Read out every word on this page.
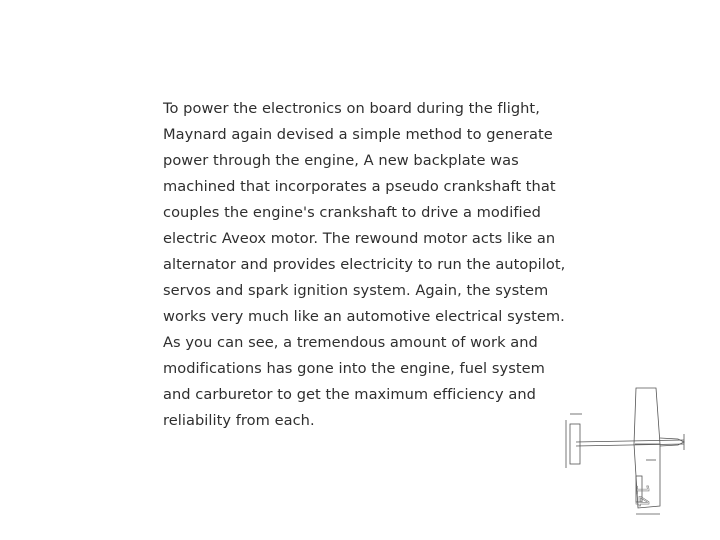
To power the electronics on board during the flight,
Maynard again devised a simple method to generate
power through the engine, A new backplate was
machined that incorporates a pseudo crankshaft that
couples the engine's crankshaft to drive a modified
electric Aveox motor. The rewound motor acts like an
alternator and provides electricity to run the autopilot,
servos and spark ignition system. Again, the system
works very much like an automotive electrical system.
As you can see, a tremendous amount of work and
modifications has gone into the engine, fuel system
and carburetor to get the maximum efficiency and
reliability from each.
14
